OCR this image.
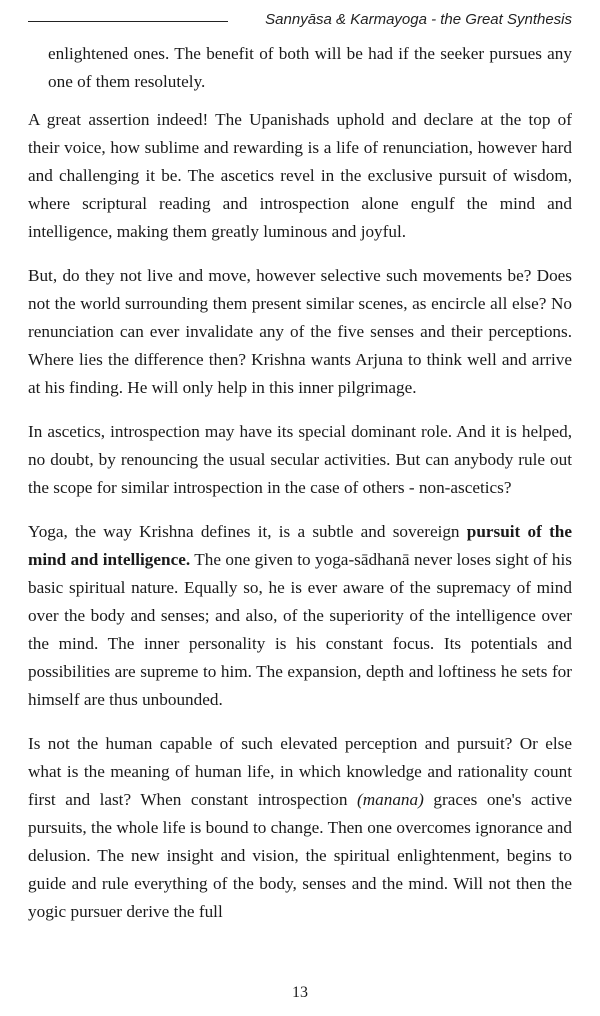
Sannyāsa & Karmayoga - the Great Synthesis

enlightened ones. The benefit of both will be had if the seeker pursues any one of them resolutely.

A great assertion indeed! The Upanishads uphold and declare at the top of their voice, how sublime and rewarding is a life of renunciation, however hard and challenging it be. The ascetics revel in the exclusive pursuit of wisdom, where scriptural reading and introspection alone engulf the mind and intelligence, making them greatly luminous and joyful.

But, do they not live and move, however selective such movements be? Does not the world surrounding them present similar scenes, as encircle all else? No renunciation can ever invalidate any of the five senses and their perceptions. Where lies the difference then? Krishna wants Arjuna to think well and arrive at his finding. He will only help in this inner pilgrimage.

In ascetics, introspection may have its special dominant role. And it is helped, no doubt, by renouncing the usual secular activities. But can anybody rule out the scope for similar introspection in the case of others - non-ascetics?

Yoga, the way Krishna defines it, is a subtle and sovereign pursuit of the mind and intelligence. The one given to yoga-sādhanā never loses sight of his basic spiritual nature. Equally so, he is ever aware of the supremacy of mind over the body and senses; and also, of the superiority of the intelligence over the mind. The inner personality is his constant focus. Its potentials and possibilities are supreme to him. The expansion, depth and loftiness he sets for himself are thus unbounded.

Is not the human capable of such elevated perception and pursuit? Or else what is the meaning of human life, in which knowledge and rationality count first and last? When constant introspection (manana) graces one's active pursuits, the whole life is bound to change. Then one overcomes ignorance and delusion. The new insight and vision, the spiritual enlightenment, begins to guide and rule everything of the body, senses and the mind. Will not then the yogic pursuer derive the full

13
